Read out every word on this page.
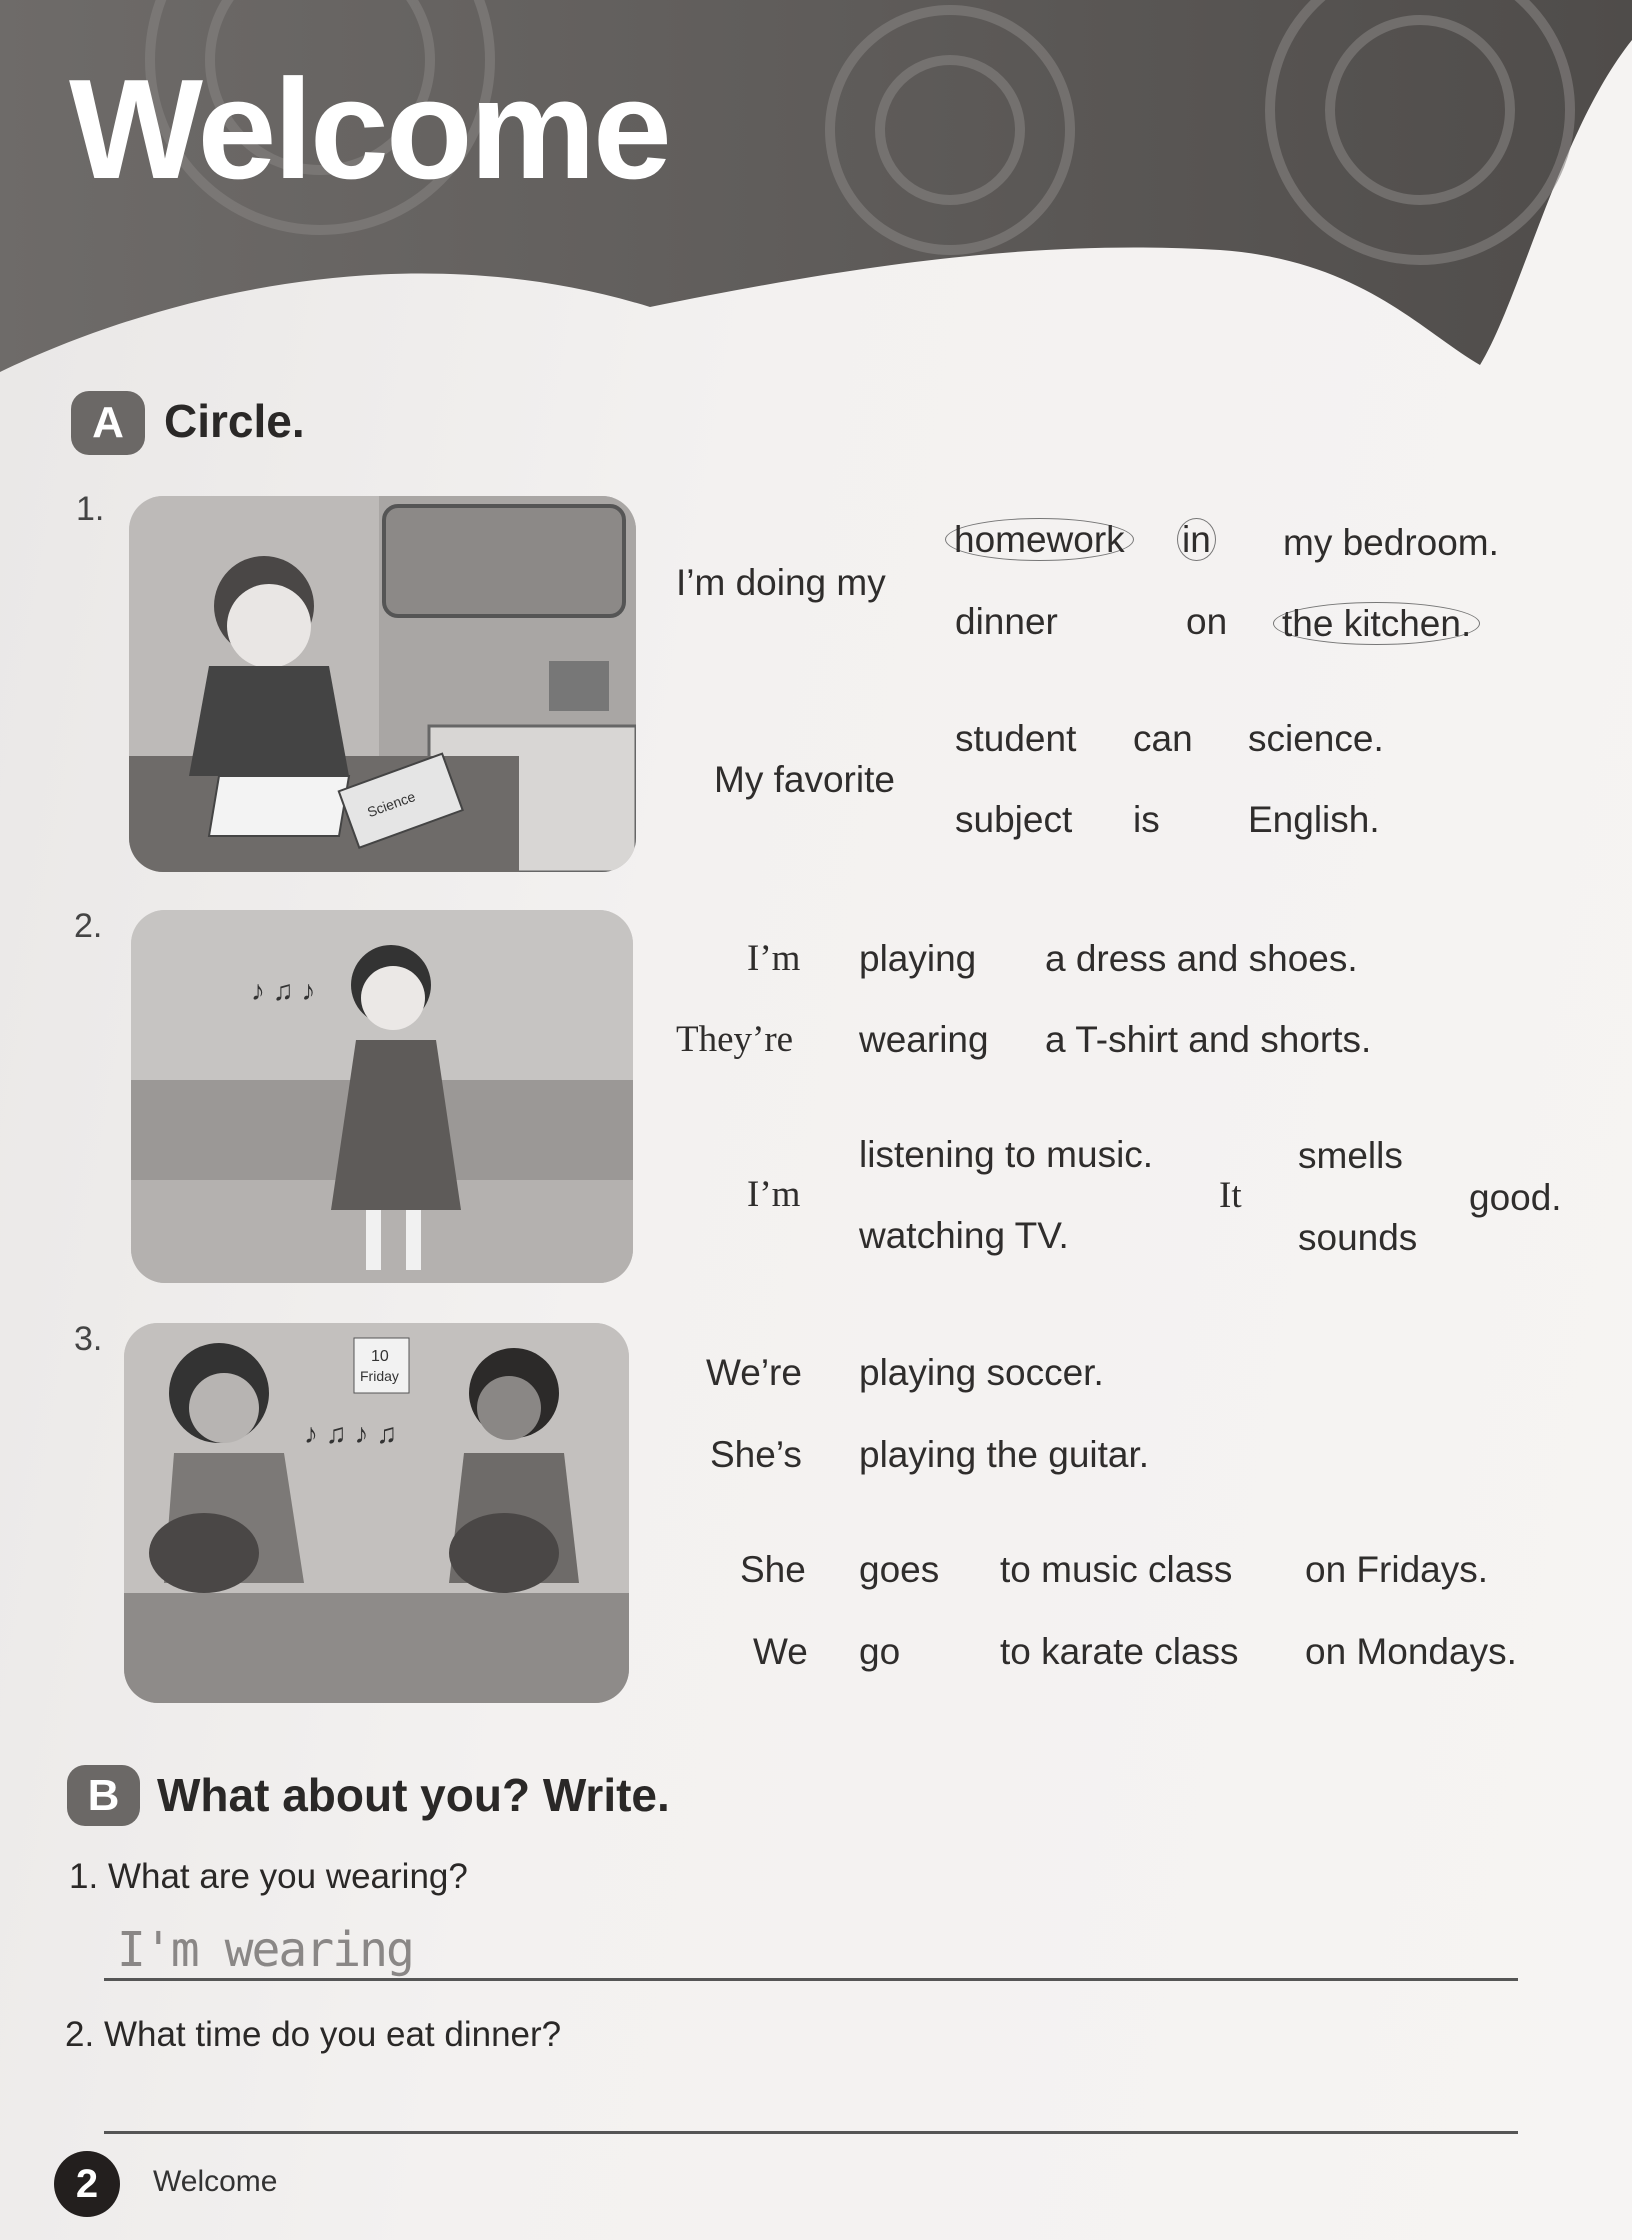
Welcome
A Circle.
1.
2.
3.
Science
♪ ♫ ♪
10
Friday
♪ ♫ ♪ ♫
I’m doing my
homework
dinner
in
on
my bedroom.
the kitchen.
My favorite
student
subject
can
is
science.
English.
I’m
They’re
playing
wearing
a dress and shoes.
a T-shirt and shorts.
I’m
listening to music.
watching TV.
It
smells
sounds
good.
We’re
She’s
playing soccer.
playing the guitar.
She
We
goes
go
to music class
to karate class
on Fridays.
on Mondays.
B What about you? Write.
1. What are you wearing?
I'm wearing
2. What time do you eat dinner?
2	Welcome
